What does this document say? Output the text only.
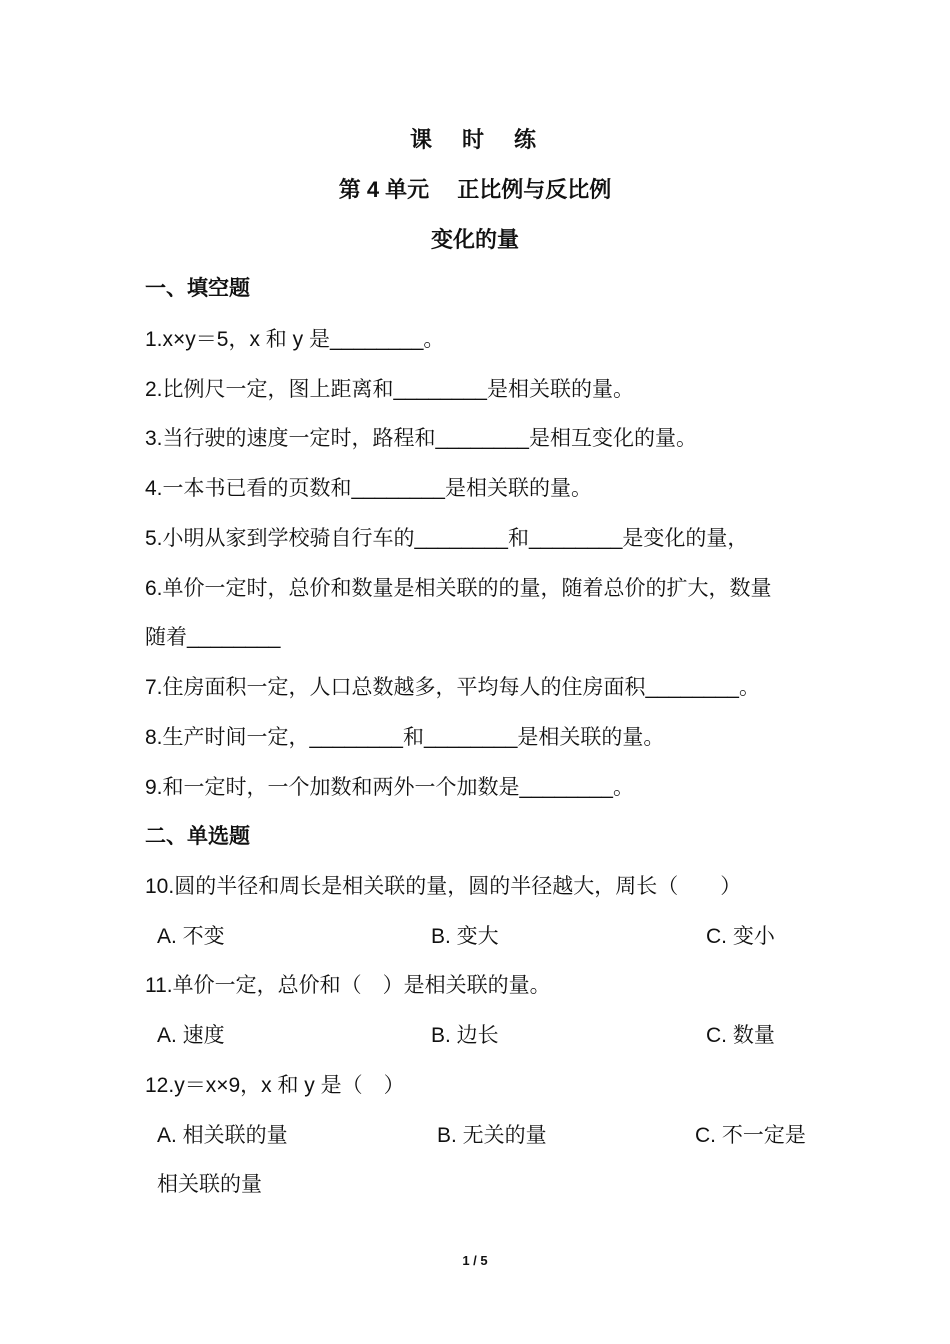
课　时　练
第 4 单元　 正比例与反比例
变化的量
一、填空题
1.x×y＝5，x 和 y 是________。
2.比例尺一定，图上距离和________是相关联的量。
3.当行驶的速度一定时，路程和________是相互变化的量。
4.一本书已看的页数和________是相关联的量。
5.小明从家到学校骑自行车的________和________是变化的量，
6.单价一定时，总价和数量是相关联的的量，随着总价的扩大，数量
随着________
7.住房面积一定，人口总数越多，平均每人的住房面积________。
8.生产时间一定，________和________是相关联的量。
9.和一定时，一个加数和两外一个加数是________。
二、单选题
10.圆的半径和周长是相关联的量，圆的半径越大，周长（　　）
A. 不变	B. 变大	C. 变小
11.单价一定，总价和（　）是相关联的量。
A. 速度	B. 边长	C. 数量
12.y＝x×9，x 和 y 是（　）
A. 相关联的量	B. 无关的量	C. 不一定是
相关联的量
1 / 5
